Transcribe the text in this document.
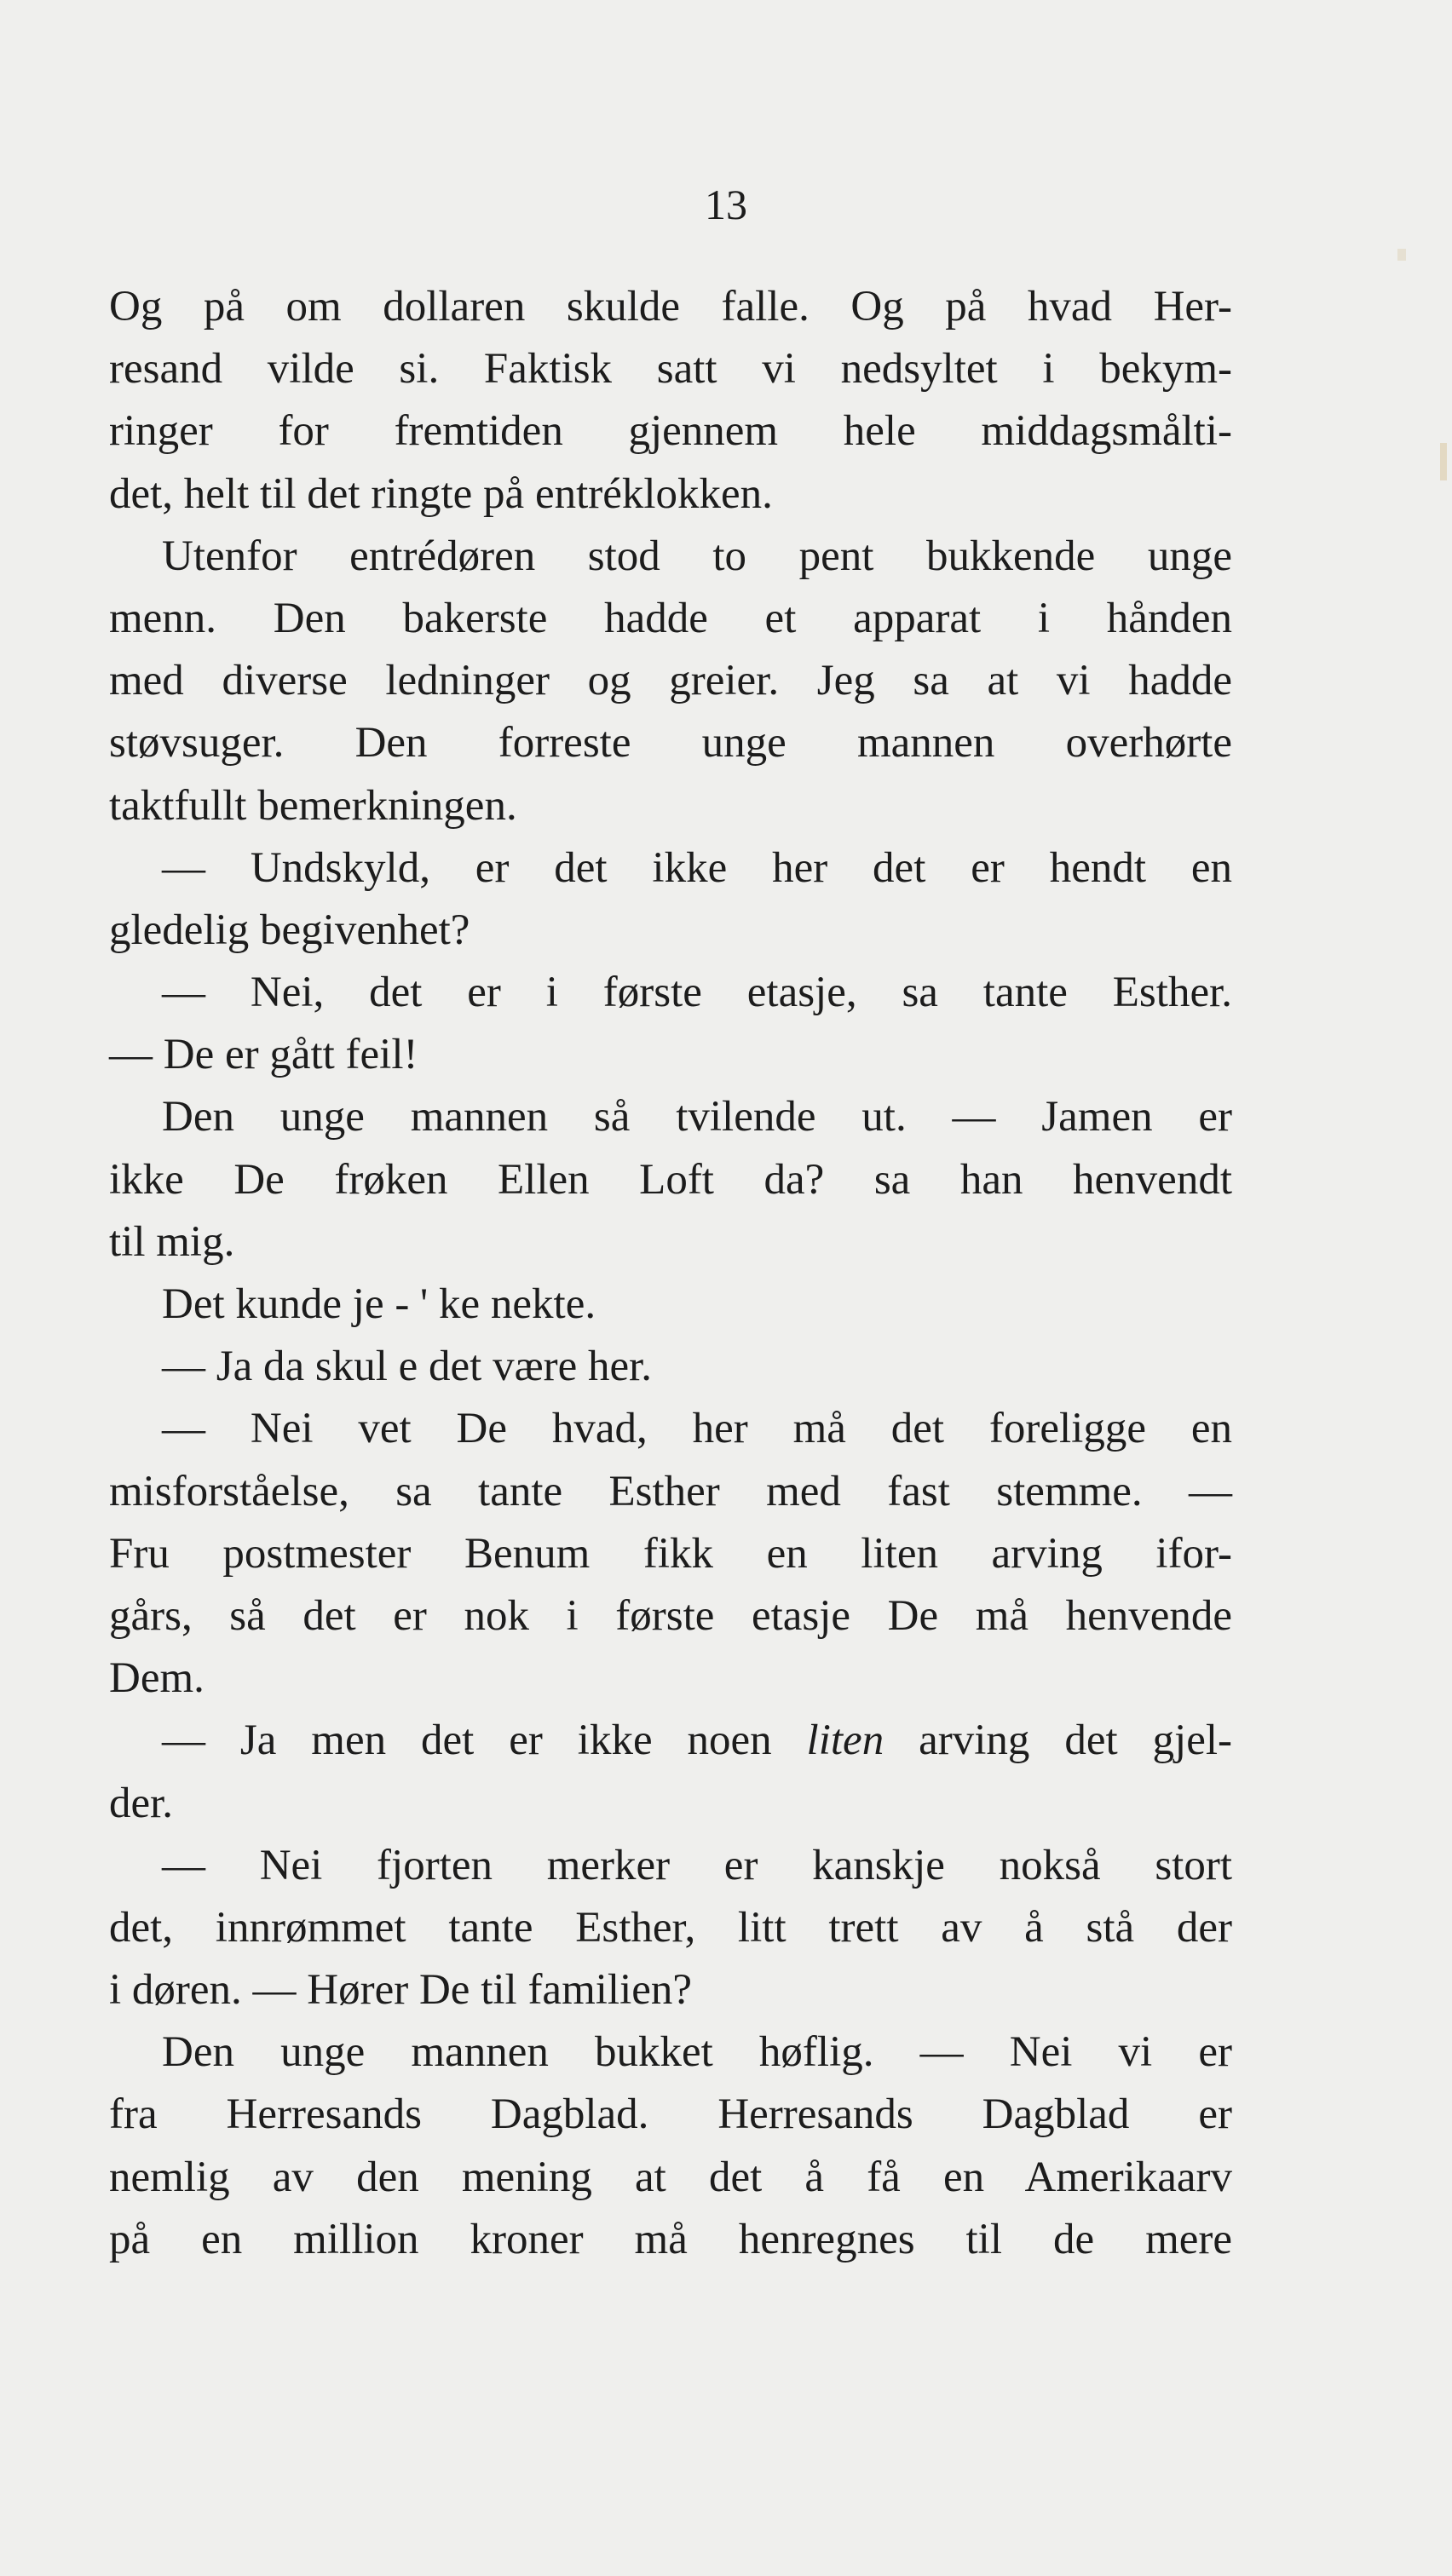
13
Og på om dollaren skulde falle. Og på hvad Her-
resand vilde si. Faktisk satt vi nedsyltet i bekym-
ringer for fremtiden gjennem hele middagsmålti-
det, helt til det ringte på entréklokken.
Utenfor entrédøren stod to pent bukkende unge
menn. Den bakerste hadde et apparat i hånden
med diverse ledninger og greier. Jeg sa at vi hadde
støvsuger. Den forreste unge mannen overhørte
taktfullt bemerkningen.
— Undskyld, er det ikke her det er hendt en
gledelig begivenhet?
— Nei, det er i første etasje, sa tante Esther.
— De er gått feil!
Den unge mannen så tvilende ut. — Jamen er
ikke De frøken Ellen Loft da? sa han henvendt
til mig.
Det kunde je - ' ke nekte.
— Ja da skul e det være her.
— Nei vet De hvad, her må det foreligge en
misforståelse, sa tante Esther med fast stemme. —
Fru postmester Benum fikk en liten arving ifor-
gårs, så det er nok i første etasje De må henvende
Dem.
— Ja men det er ikke noen liten arving det gjel-
der.
— Nei fjorten merker er kanskje nokså stort
det, innrømmet tante Esther, litt trett av å stå der
i døren. — Hører De til familien?
Den unge mannen bukket høflig. — Nei vi er
fra Herresands Dagblad. Herresands Dagblad er
nemlig av den mening at det å få en Amerikaarv
på en million kroner må henregnes til de mere
